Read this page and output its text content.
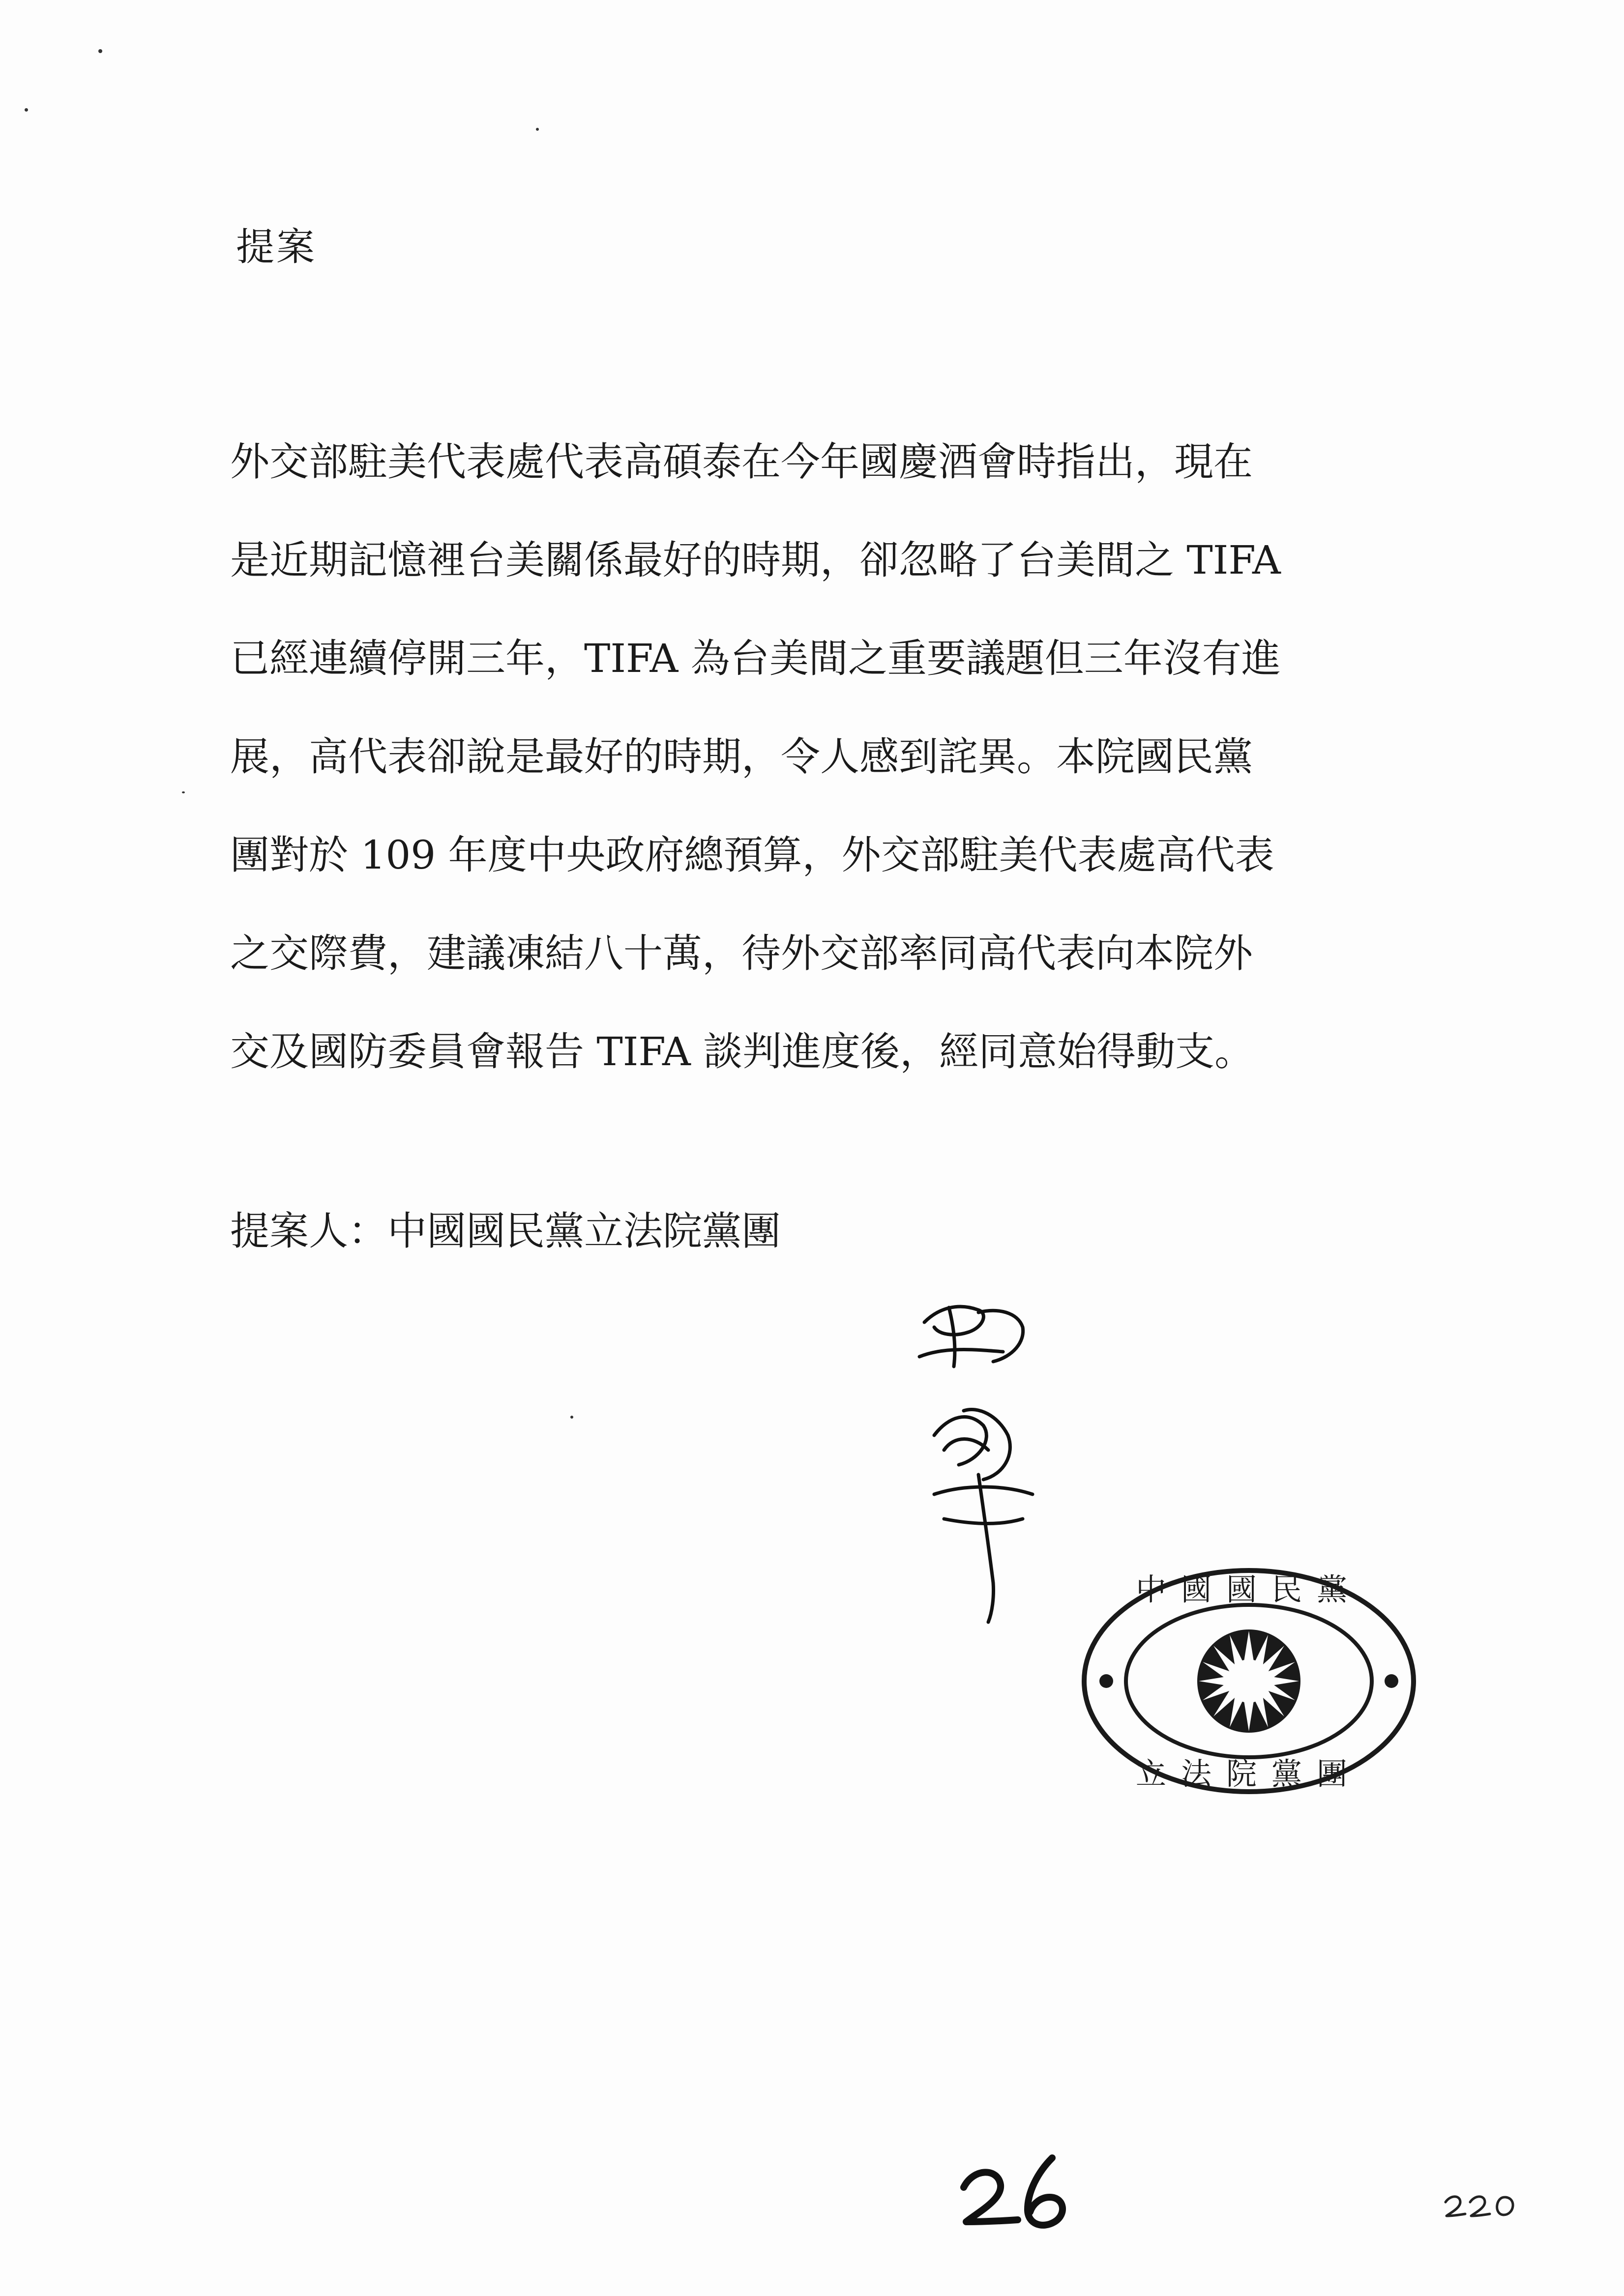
提案
外交部駐美代表處代表高碩泰在今年國慶酒會時指出，現在
是近期記憶裡台美關係最好的時期，卻忽略了台美間之 TIFA
已經連續停開三年，TIFA 為台美間之重要議題但三年沒有進
展，高代表卻說是最好的時期，令人感到詫異。本院國民黨
團對於 109 年度中央政府總預算，外交部駐美代表處高代表
之交際費，建議凍結八十萬，待外交部率同高代表向本院外
交及國防委員會報告 TIFA 談判進度後，經同意始得動支。
提案人：中國國民黨立法院黨團
中國國民黨
立法院黨團
